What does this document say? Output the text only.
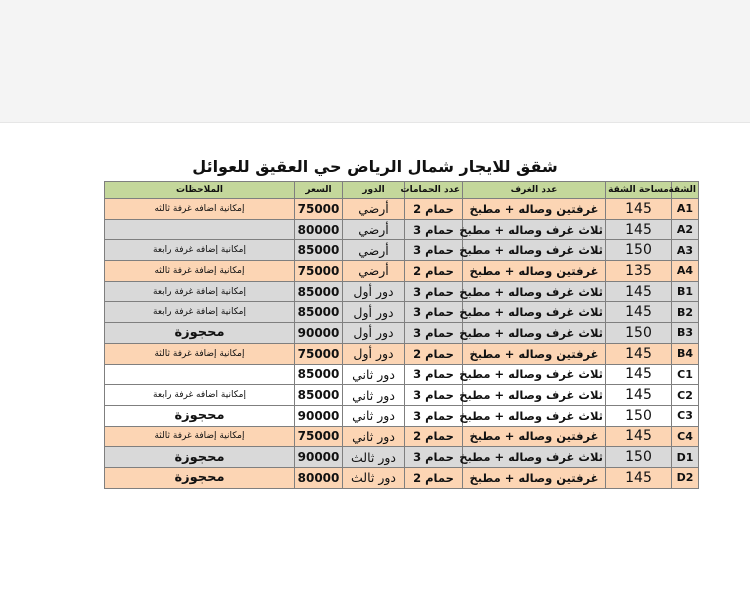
شقق للايجار شمال الرياض حي العقيق للعوائل
الشقة	مساحة الشقة	عدد الغرف	عدد الحمامات	الدور	السعر	الملاحظات
A1	145	غرفتين وصاله + مطبخ	حمام 2	أرضي	75000	إمكانية اضافه غرفة ثالثه
A2	145	ثلاث غرف وصاله + مطبخ	حمام 3	أرضي	80000	
A3	150	ثلاث غرف وصاله + مطبخ	حمام 3	أرضي	85000	إمكانية إضافه غرفة رابعة
A4	135	غرفتين وصاله + مطبخ	حمام 2	أرضي	75000	إمكانية إضافة غرفة ثالثه
B1	145	ثلاث غرف وصاله + مطبخ	حمام 3	دور أول	85000	إمكانية إضافة غرفة رابعة
B2	145	ثلاث غرف وصاله + مطبخ	حمام 3	دور أول	85000	إمكانية إضافة غرفة رابعة
B3	150	ثلاث غرف وصاله + مطبخ	حمام 3	دور أول	90000	محجوزة
B4	145	غرفتين وصاله + مطبخ	حمام 2	دور أول	75000	إمكانية إضافة غرفة ثالثة
C1	145	ثلاث غرف وصاله + مطبخ	حمام 3	دور ثاني	85000	
C2	145	ثلاث غرف وصاله + مطبخ	حمام 3	دور ثاني	85000	إمكانية اضافه غرفة رابعة
C3	150	ثلاث غرف وصاله + مطبخ	حمام 3	دور ثاني	90000	محجوزة
C4	145	غرفتين وصاله + مطبخ	حمام 2	دور ثاني	75000	إمكانية إضافة غرفة ثالثة
D1	150	ثلاث غرف وصاله + مطبخ	حمام 3	دور ثالث	90000	محجوزة
D2	145	غرفتين وصاله + مطبخ	حمام 2	دور ثالث	80000	محجوزة
